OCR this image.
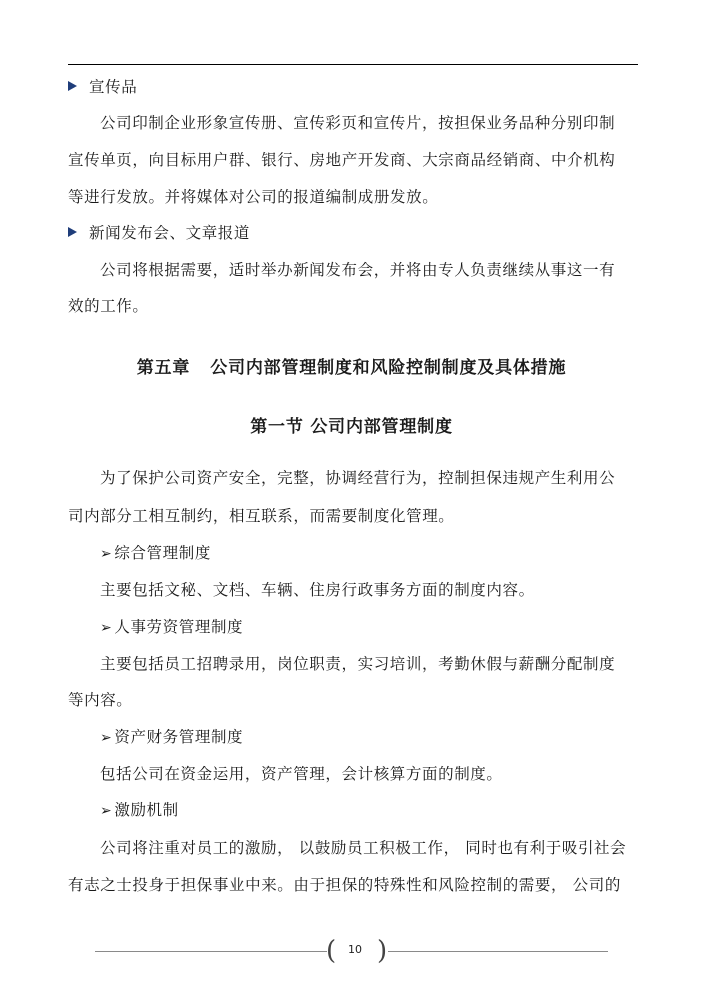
宣传品
公司印制企业形象宣传册、宣传彩页和宣传片，按担保业务品种分别印制
宣传单页，向目标用户群、银行、房地产开发商、大宗商品经销商、中介机构
等进行发放。并将媒体对公司的报道编制成册发放。
新闻发布会、文章报道
公司将根据需要，适时举办新闻发布会，并将由专人负责继续从事这一有
效的工作。
第五章   公司内部管理制度和风险控制制度及具体措施
第一节 公司内部管理制度
为了保护公司资产安全，完整，协调经营行为，控制担保违规产生利用公
司内部分工相互制约，相互联系，而需要制度化管理。
➢ 综合管理制度
主要包括文秘、文档、车辆、住房行政事务方面的制度内容。
➢ 人事劳资管理制度
主要包括员工招聘录用，岗位职责，实习培训，考勤休假与薪酬分配制度
等内容。
➢ 资产财务管理制度
包括公司在资金运用，资产管理，会计核算方面的制度。
➢ 激励机制
公司将注重对员工的激励， 以鼓励员工积极工作， 同时也有利于吸引社会
有志之士投身于担保事业中来。由于担保的特殊性和风险控制的需要， 公司的
( )
10
